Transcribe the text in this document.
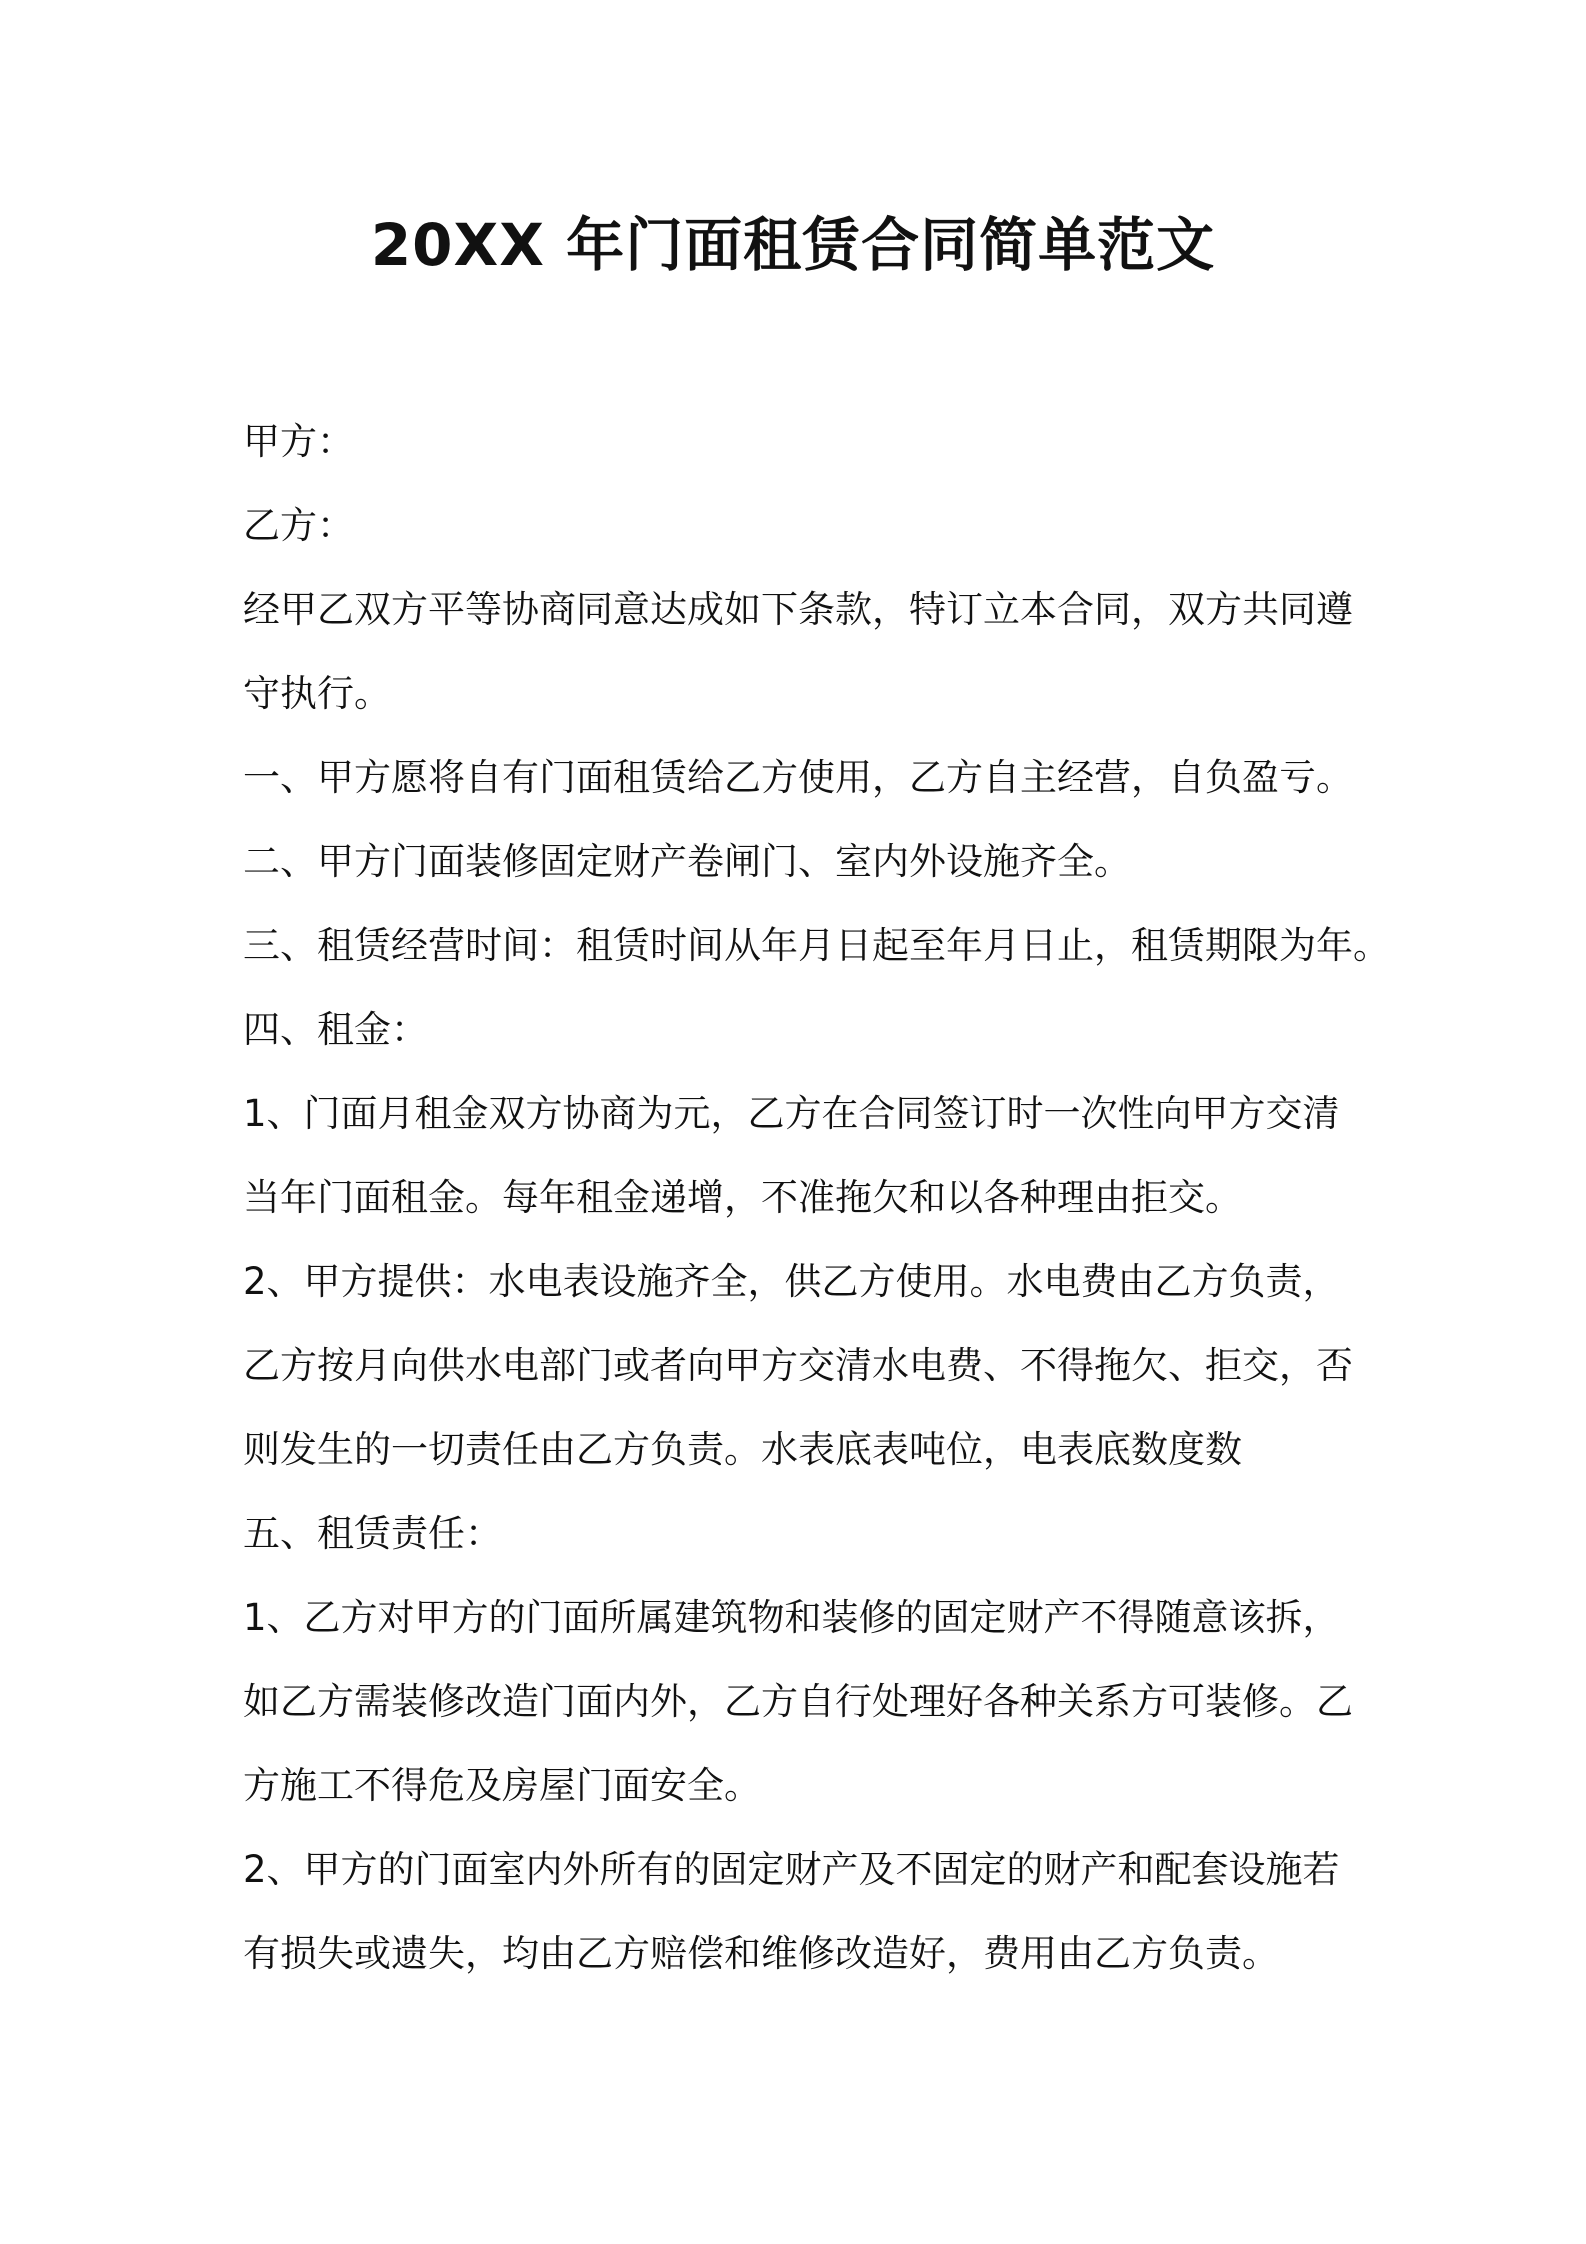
20XX 年门面租赁合同简单范文

甲方：

乙方：

经甲乙双方平等协商同意达成如下条款，特订立本合同，双方共同遵

守执行。

一、甲方愿将自有门面租赁给乙方使用，乙方自主经营，自负盈亏。

二、甲方门面装修固定财产卷闸门、室内外设施齐全。

三、租赁经营时间：租赁时间从年月日起至年月日止，租赁期限为年。

四、租金：

1、门面月租金双方协商为元，乙方在合同签订时一次性向甲方交清

当年门面租金。每年租金递增，不准拖欠和以各种理由拒交。

2、甲方提供：水电表设施齐全，供乙方使用。水电费由乙方负责，

乙方按月向供水电部门或者向甲方交清水电费、不得拖欠、拒交，否

则发生的一切责任由乙方负责。水表底表吨位，电表底数度数

五、租赁责任：

1、乙方对甲方的门面所属建筑物和装修的固定财产不得随意该拆，

如乙方需装修改造门面内外，乙方自行处理好各种关系方可装修。乙

方施工不得危及房屋门面安全。

2、甲方的门面室内外所有的固定财产及不固定的财产和配套设施若

有损失或遗失，均由乙方赔偿和维修改造好，费用由乙方负责。
